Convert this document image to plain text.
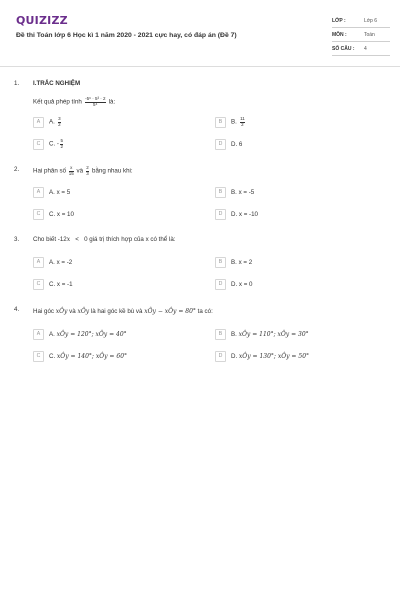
QUIZIZZ
Đề thi Toán lớp 6 Học kì 1 năm 2020 - 2021 cực hay, có đáp án (Đề 7)
LỚP :	Lớp 6
MÔN :	Toán
SỐ CÂU :	4
1. I.TRẮC NGHIỆM
Kết quả phép tính $\frac{\text{-5⁶ · 5³ · 2}}{\text{5⁴}}$ là:
A	A. $\frac{3}{2}$	B	B. $\frac{11}{2}$
C	C. - $\frac{5}{2}$	D	D. 6
2. Hai phân số $\frac{x}{15}$ và $\frac{2}{3}$ bằng nhau khi:
A	A. x = 5	B	B. x = -5
C	C. x = 10	D	D. x = -10
3. Cho biết -12x < 0 giá trị thích hợp của x có thể là:
A	A. x = -2	B	B. x = 2
C	C. x = -1	D	D. x = 0
4. Hai góc xÔy và xÔy là hai góc kề bù và xÔy − xÔy = 80° ta có:
A	A. xÔy = 120°; xÔy = 40°	B	B. xÔy = 110°; xÔy = 30°
C	C. xÔy = 140°; xÔy = 60°	D	D. xÔy = 130°; xÔy = 50°
